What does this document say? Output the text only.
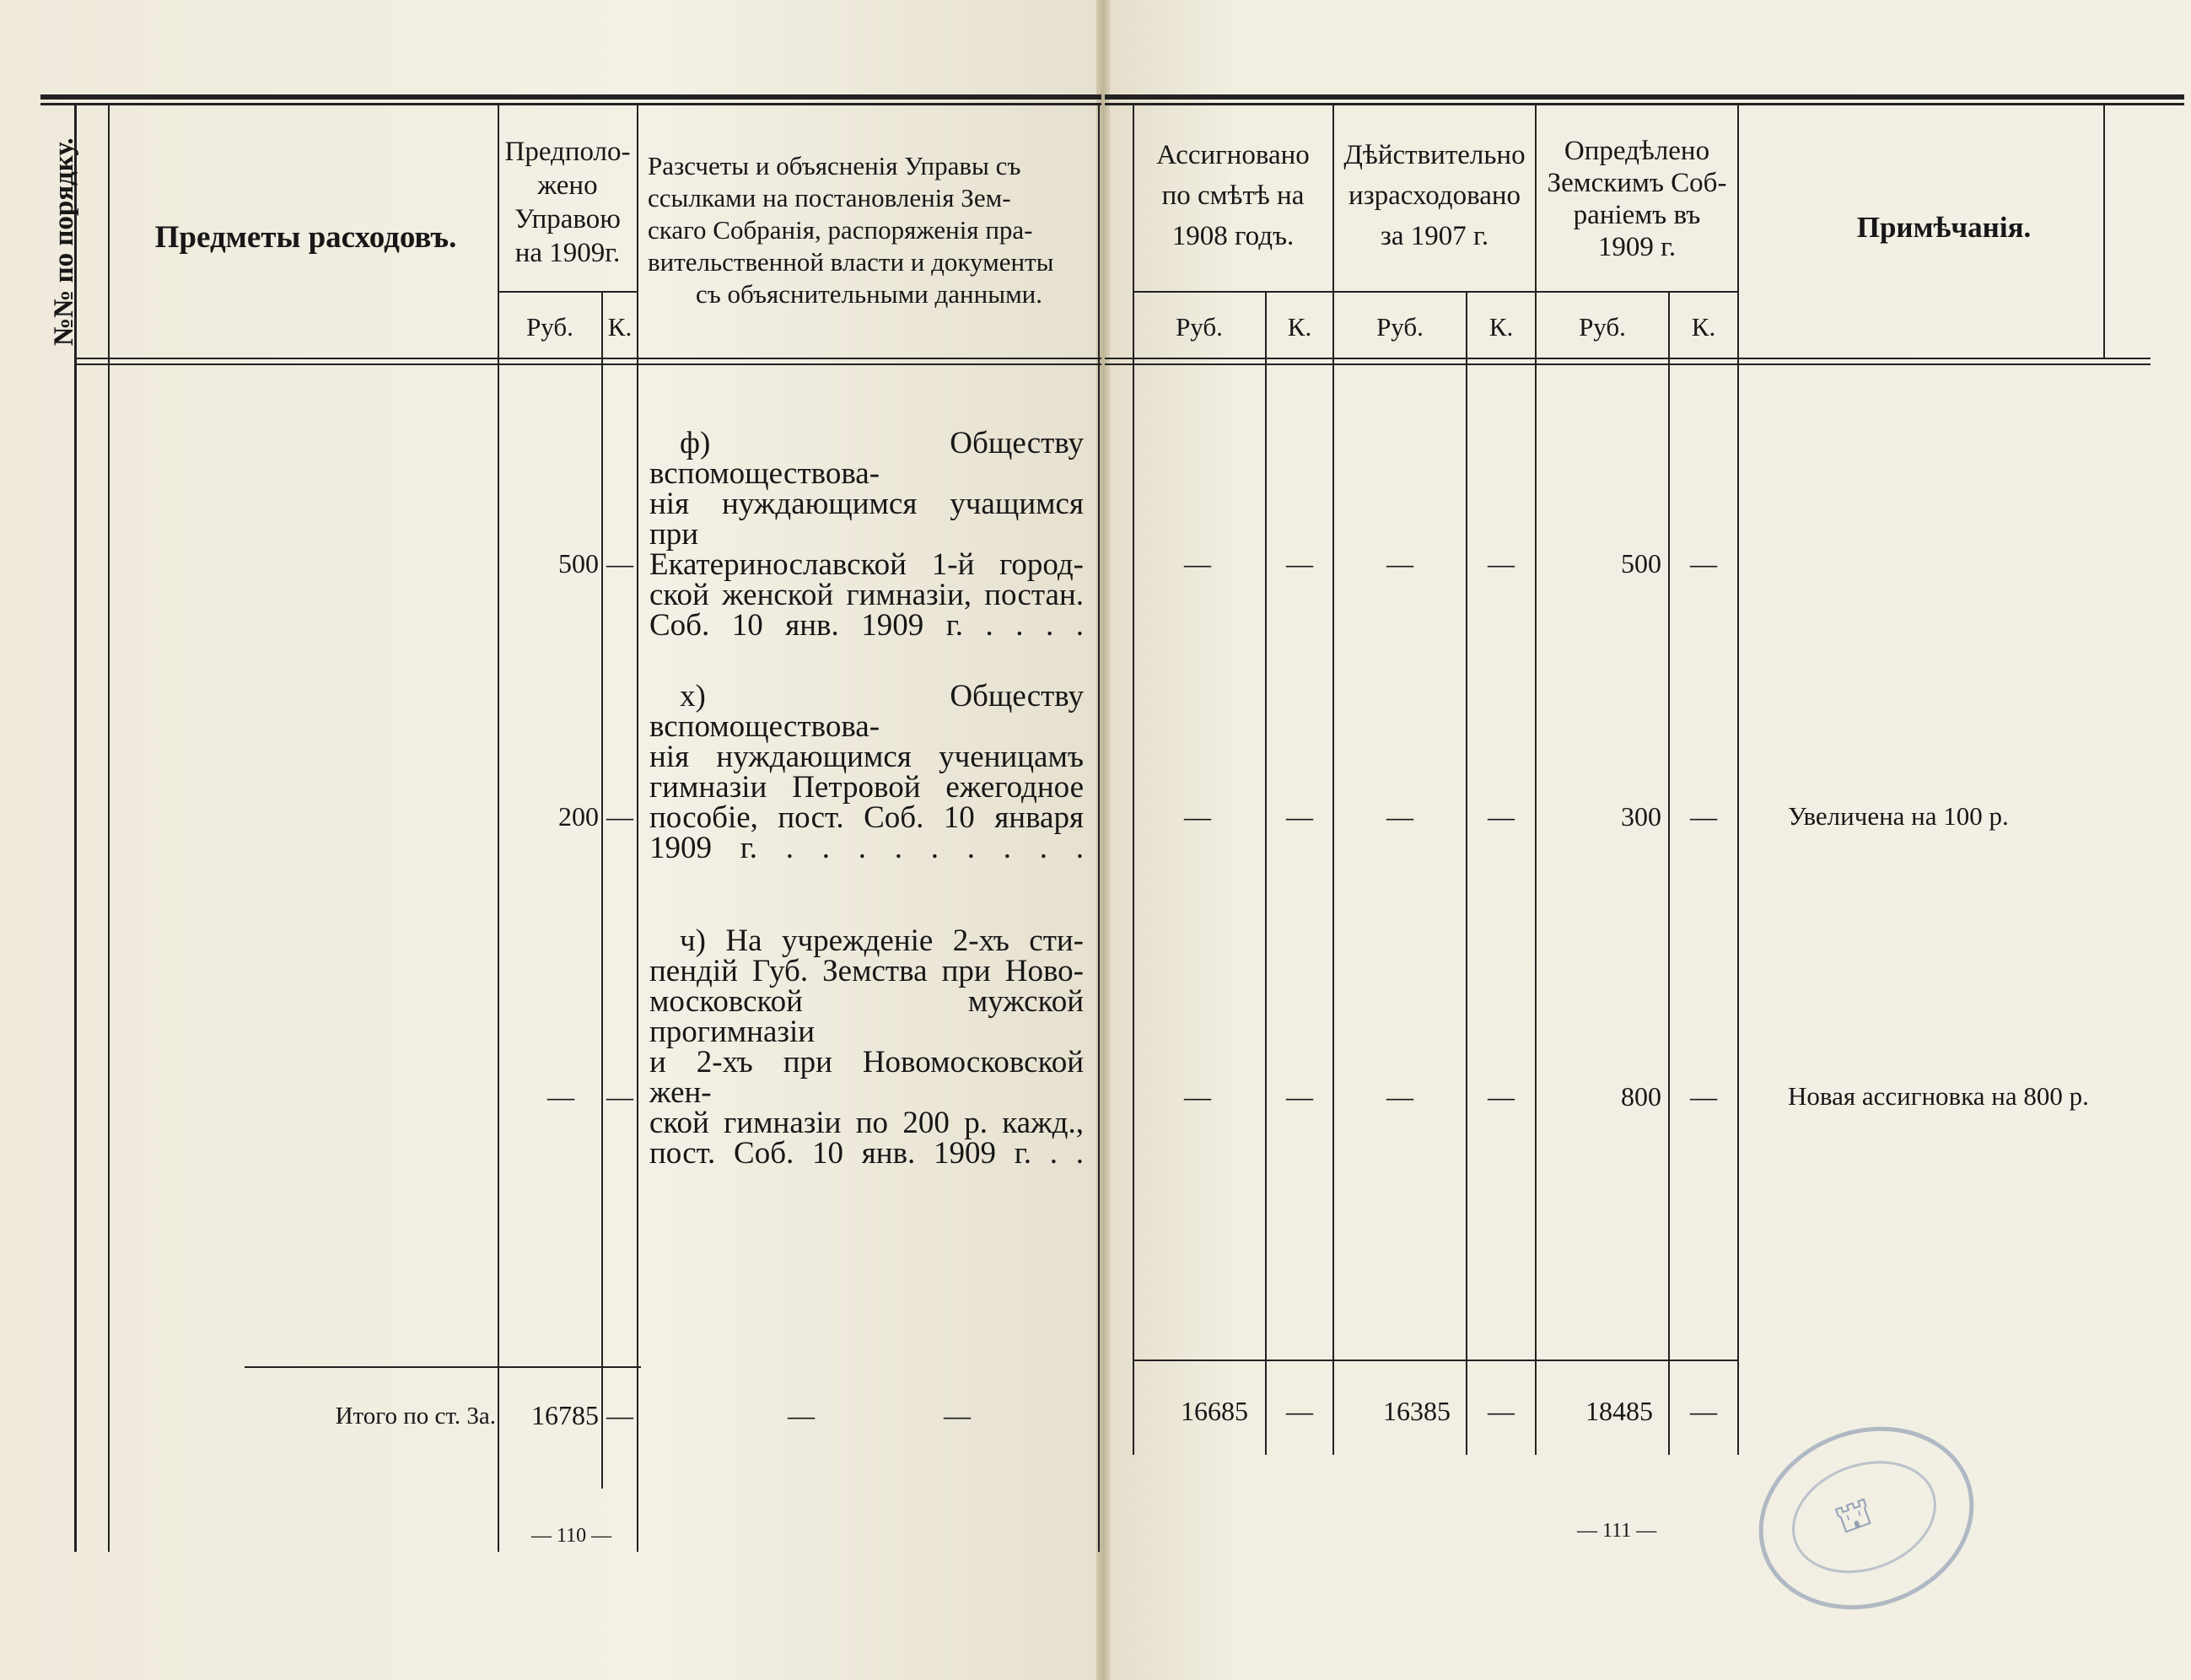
№№ по порядку.	Предметы расходовъ.
Предполо-
жено
Управою
на 1909г.
Разсчеты и объясненія Управы съ
ссылками на постановленія Зем-
скаго Собранія, распоряженія пра-
вительственной власти и документы
съ объяснительными данными.
Руб.	К.
ф) Обществу вспомоществова-
нія нуждающимся учащимся при
Екатеринославской 1-й город-
ской женской гимназіи, постан.
Соб. 10 янв. 1909 г. . . . .
500 —
х) Обществу вспомоществова-
нія нуждающимся ученицамъ
гимназіи Петровой ежегодное
пособіе, пост. Соб. 10 января
1909 г. . . . . . . . . .
200 —
ч) На учрежденіе 2-хъ сти-
пендій Губ. Земства при Ново-
московской мужской прогимназіи
и 2-хъ при Новомосковской жен-
ской гимназіи по 200 р. кажд.,
пост. Соб. 10 янв. 1909 г. . .
—	—
Итого по ст. 3а.	16785 —	—	—
— 110 —
Ассигновано
по смѣтѣ на
1908 годъ.
Дѣйствительно
израсходовано
за 1907 г.
Опредѣлено
Земскимъ Соб-
раніемъ въ
1909 г.
Примѣчанія.
Руб.	К.	Руб.	К.	Руб.	К.
—	—	—	—	500	—
—	—	—	—	300	—	Увеличена на 100 р.
—	—	—	—	800	—	Новая ассигновка на 800 р.
16685	—	16385	—	18485	—
— 111 —	⛫
